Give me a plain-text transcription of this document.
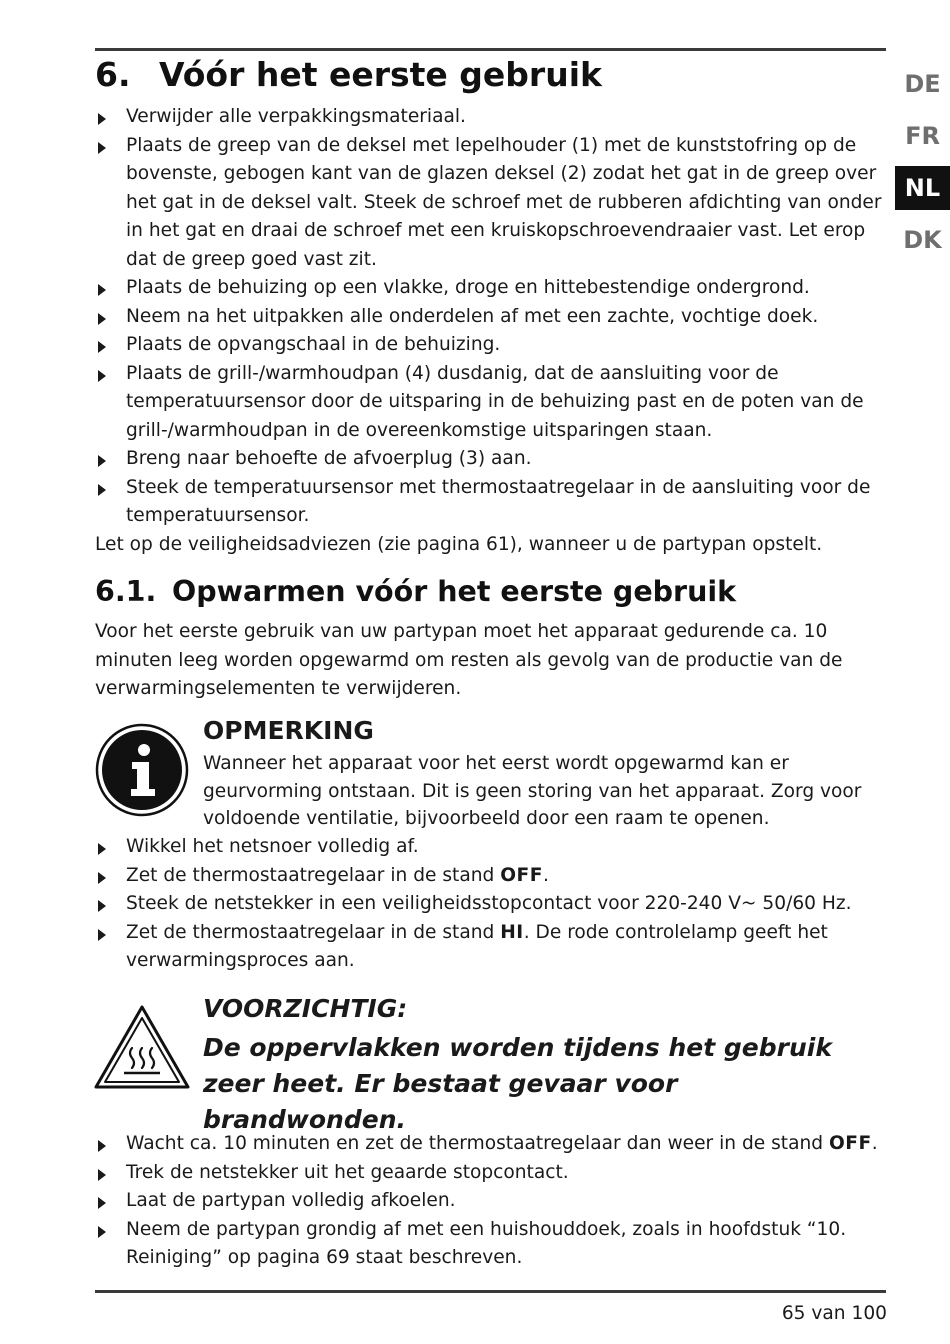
DE
FR
NL
DK
6. Vóór het eerste gebruik
Verwijder alle verpakkingsmateriaal.
Plaats de greep van de deksel met lepelhouder (1) met de kunststofring op de bovenste, gebogen kant van de glazen deksel (2) zodat het gat in de greep over het gat in de deksel valt. Steek de schroef met de rubberen afdichting van onder in het gat en draai de schroef met een kruiskopschroevendraaier vast. Let erop dat de greep goed vast zit.
Plaats de behuizing op een vlakke, droge en hittebestendige ondergrond.
Neem na het uitpakken alle onderdelen af met een zachte, vochtige doek.
Plaats de opvangschaal in de behuizing.
Plaats de grill-/warmhoudpan (4) dusdanig, dat de aansluiting voor de temperatuursensor door de uitsparing in de behuizing past en de poten van de grill-/warmhoudpan in de overeenkomstige uitsparingen staan.
Breng naar behoefte de afvoerplug (3) aan.
Steek de temperatuursensor met thermostaatregelaar in de aansluiting voor de temperatuursensor.

Let op de veiligheidsadviezen (zie pagina 61), wanneer u de partypan opstelt.

6.1. Opwarmen vóór het eerste gebruik

Voor het eerste gebruik van uw partypan moet het apparaat gedurende ca. 10 minuten leeg worden opgewarmd om resten als gevolg van de productie van de verwarmingselementen te verwijderen.

OPMERKING
Wanneer het apparaat voor het eerst wordt opgewarmd kan er geurvorming ontstaan. Dit is geen storing van het apparaat. Zorg voor voldoende ventilatie, bijvoorbeeld door een raam te openen.
Wikkel het netsnoer volledig af.
Zet de thermostaatregelaar in de stand OFF.
Steek de netstekker in een veiligheidsstopcontact voor 220-240 V~ 50/60 Hz.
Zet de thermostaatregelaar in de stand HI. De rode controlelamp geeft het verwarmingsproces aan.
VOORZICHTIG:
De oppervlakken worden tijdens het gebruik zeer heet. Er bestaat gevaar voor brandwonden.
Wacht ca. 10 minuten en zet de thermostaatregelaar dan weer in de stand OFF.
Trek de netstekker uit het geaarde stopcontact.
Laat de partypan volledig afkoelen.
Neem de partypan grondig af met een huishouddoek, zoals in hoofdstuk “10. Reiniging” op pagina 69 staat beschreven.
65 van 100
